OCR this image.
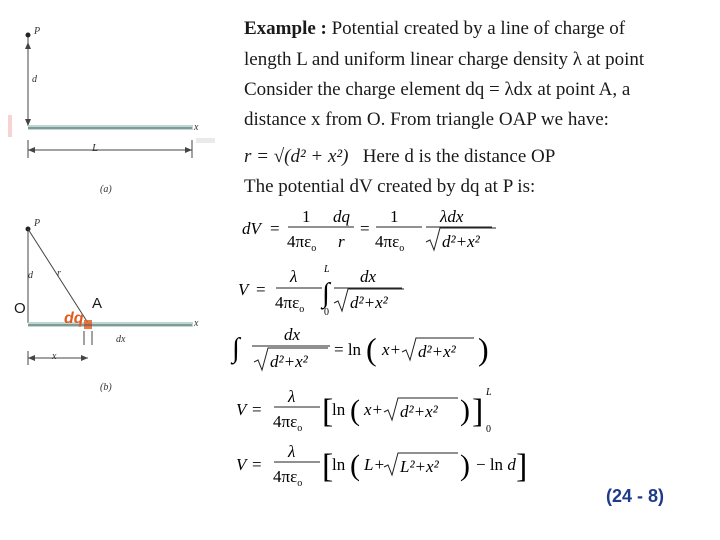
P
d
x
L
(a)
P
d r
x
dx
x
(b)
O
dq
A
Example : Potential created by a line of charge of
length L and uniform linear charge density λ at point
Consider the charge element dq = λdx at point A, a
distance x from O. From triangle OAP we have:
r = √(d² + x²) Here d is the distance OP
The potential dV created by dq at P is:
dV =
1
$4\pi\varepsilon_o$
dq
r
=
1
$4\pi\varepsilon_o$
λdx
d²+x²
V =
λ
$4\pi\varepsilon_o$
∫
L
0
dx
d²+x²
∫	dx
d²+x²
= ln ( x+ d²+x² )
V =
λ
$4\pi\varepsilon_o$ [
ln ( x+ d²+x² ) ]
L
0
V =
λ
$4\pi\varepsilon_o$ [
ln ( L+ L²+x² ) − ln d ]
(24 - 8)
